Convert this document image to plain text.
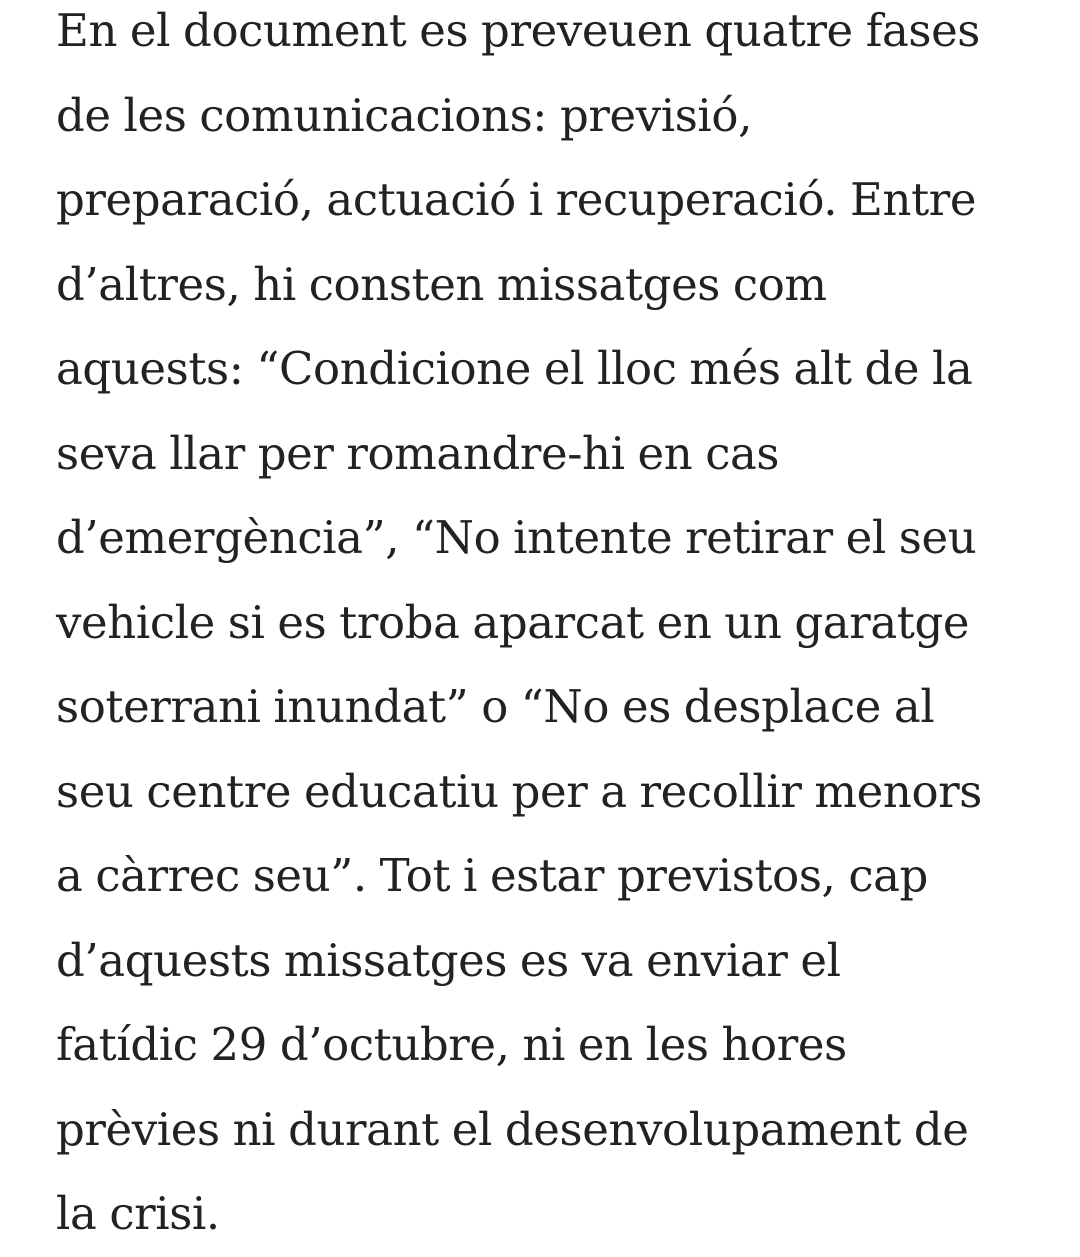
En el document es preveuen quatre fases
de les comunicacions: previsió,
preparació, actuació i recuperació. Entre
d’altres, hi consten missatges com
aquests: “Condicione el lloc més alt de la
seva llar per romandre-hi en cas
d’emergència”, “No intente retirar el seu
vehicle si es troba aparcat en un garatge
soterrani inundat” o “No es desplace al
seu centre educatiu per a recollir menors
a càrrec seu”. Tot i estar previstos, cap
d’aquests missatges es va enviar el
fatídic 29 d’octubre, ni en les hores
prèvies ni durant el desenvolupament de
la crisi.
